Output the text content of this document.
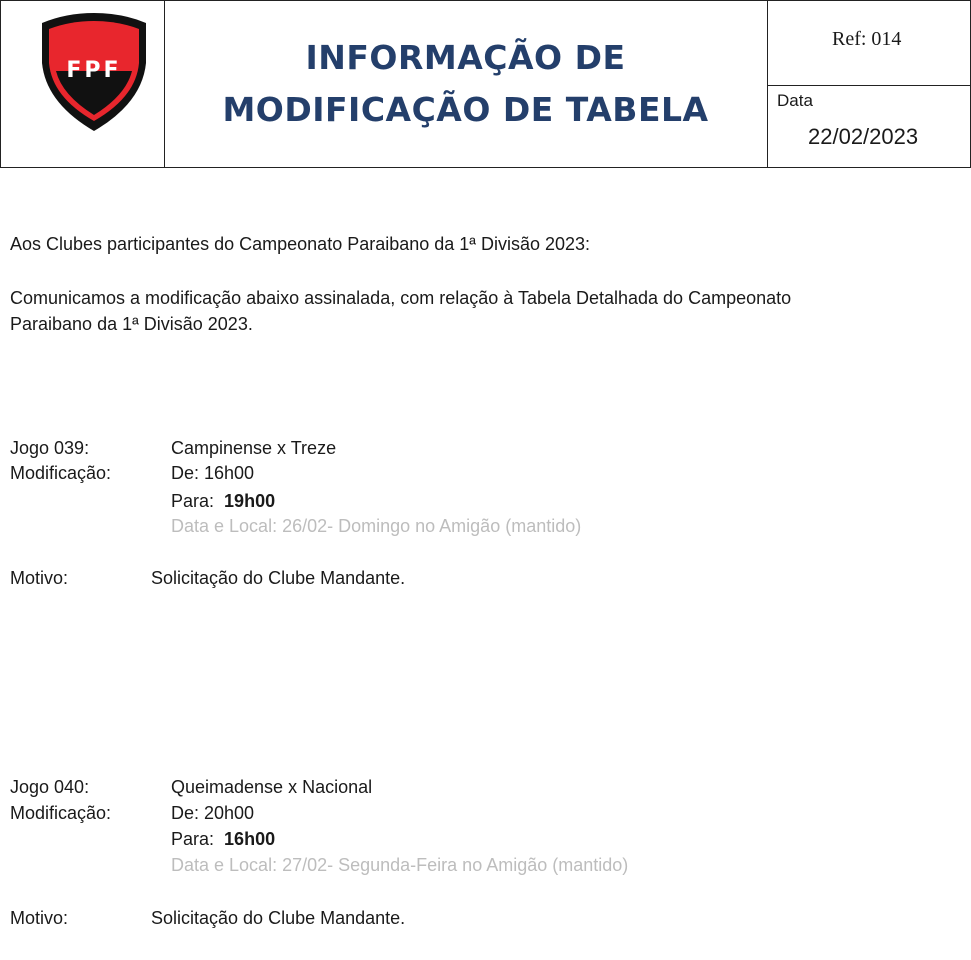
FPF	INFORMAÇÃO DE
MODIFICAÇÃO DE TABELA
Ref: 014
Data
22/02/2023
Aos Clubes participantes do Campeonato Paraibano da 1ª Divisão 2023:
Comunicamos a modificação abaixo assinalada, com relação à Tabela Detalhada do Campeonato
Paraibano da 1ª Divisão 2023.
Jogo 039:	Campinense x Treze
Modificação:	De: 16h00
Para: 19h00
Data e Local: 26/02- Domingo no Amigão (mantido)
Motivo:	Solicitação do Clube Mandante.
Jogo 040:	Queimadense x Nacional
Modificação:	De: 20h00
Para: 16h00
Data e Local: 27/02- Segunda-Feira no Amigão (mantido)
Motivo:	Solicitação do Clube Mandante.
